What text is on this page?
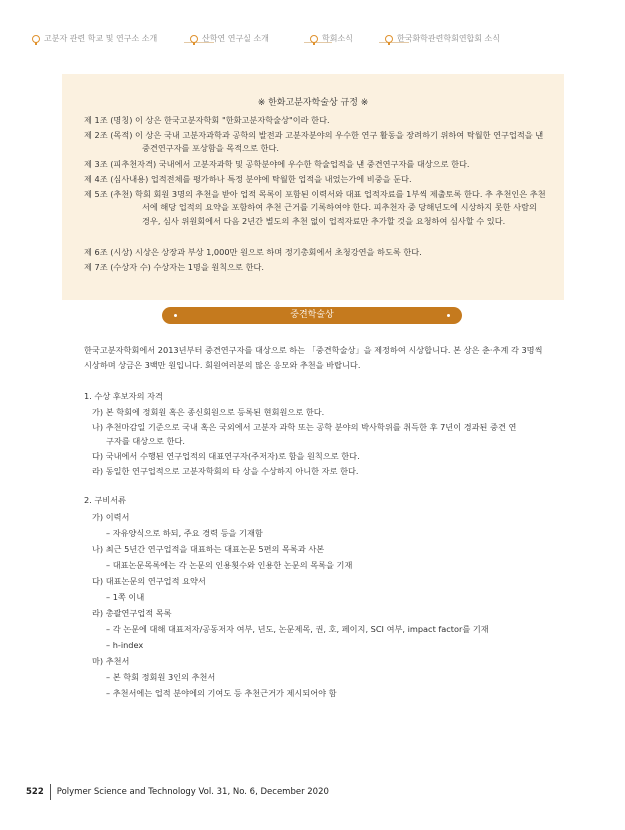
고분자 관련 학교 및 연구소 소개	산학연 연구실 소개	학회소식	한국화학관련학회연합회 소식
※ 한화고분자학술상 규정 ※
제 1조 (명칭) 이 상은 한국고분자학회 "한화고분자학술상"이라 한다.
제 2조 (목적) 이 상은 국내 고분자과학과 공학의 발전과 고분자분야의 우수한 연구 활동을 장려하기 위하여 탁월한 연구업적을 낸 중견연구자를 포상함을 목적으로 한다.
제 3조 (피추천자격) 국내에서 고분자과학 및 공학분야에 우수한 학술업적을 낸 중견연구자를 대상으로 한다.
제 4조 (심사내용) 업적전체를 평가하나 특정 분야에 탁월한 업적을 내었는가에 비중을 둔다.
제 5조 (추천) 학회 회원 3명의 추천을 받아 업적 목록이 포함된 이력서와 대표 업적자료를 1부씩 제출토록 한다. 추 추천인은 추천서에 해당 업적의 요약을 포함하여 추천 근거를 기록하여야 한다. 피추천자 중 당해년도에 시상하지 못한 사람의 경우, 심사 위원회에서 다음 2년간 별도의 추천 없이 업적자료만 추가할 것을 요청하여 심사할 수 있다.
제 6조 (시상) 시상은 상장과 부상 1,000만 원으로 하며 정기총회에서 초청강연을 하도록 한다.
제 7조 (수상자 수) 수상자는 1명을 원칙으로 한다.
중견학술상
한국고분자학회에서 2013년부터 중견연구자를 대상으로 하는 「중견학술상」을 제정하여 시상합니다. 본 상은 춘·추계 각 3명씩 시상하며 상금은 3백만 원입니다. 회원여러분의 많은 응모와 추천을 바랍니다.
1. 수상 후보자의 자격
가) 본 학회에 정회원 혹은 종신회원으로 등록된 현회원으로 한다.
나) 추천마감일 기준으로 국내 혹은 국외에서 고분자 과학 또는 공학 분야의 박사학위를 취득한 후 7년이 경과된 중견 연
구자를 대상으로 한다.
다) 국내에서 수행된 연구업적의 대표연구자(주저자)로 함을 원칙으로 한다.
라) 동일한 연구업적으로 고분자학회의 타 상을 수상하지 아니한 자로 한다.
2. 구비서류
가) 이력서
– 자유양식으로 하되, 주요 경력 등을 기재함
나) 최근 5년간 연구업적을 대표하는 대표논문 5편의 목록과 사본
– 대표논문목록에는 각 논문의 인용횟수와 인용한 논문의 목록을 기재
다) 대표논문의 연구업적 요약서
– 1쪽 이내
라) 총괄연구업적 목록
– 각 논문에 대해 대표저자/공동저자 여부, 년도, 논문제목, 권, 호, 페이지, SCI 여부, impact factor를 기재
– h-index
마) 추천서
– 본 학회 정회원 3인의 추천서
– 추천서에는 업적 분야에의 기여도 등 추천근거가 제시되어야 함
522 Polymer Science and Technology Vol. 31, No. 6, December 2020
